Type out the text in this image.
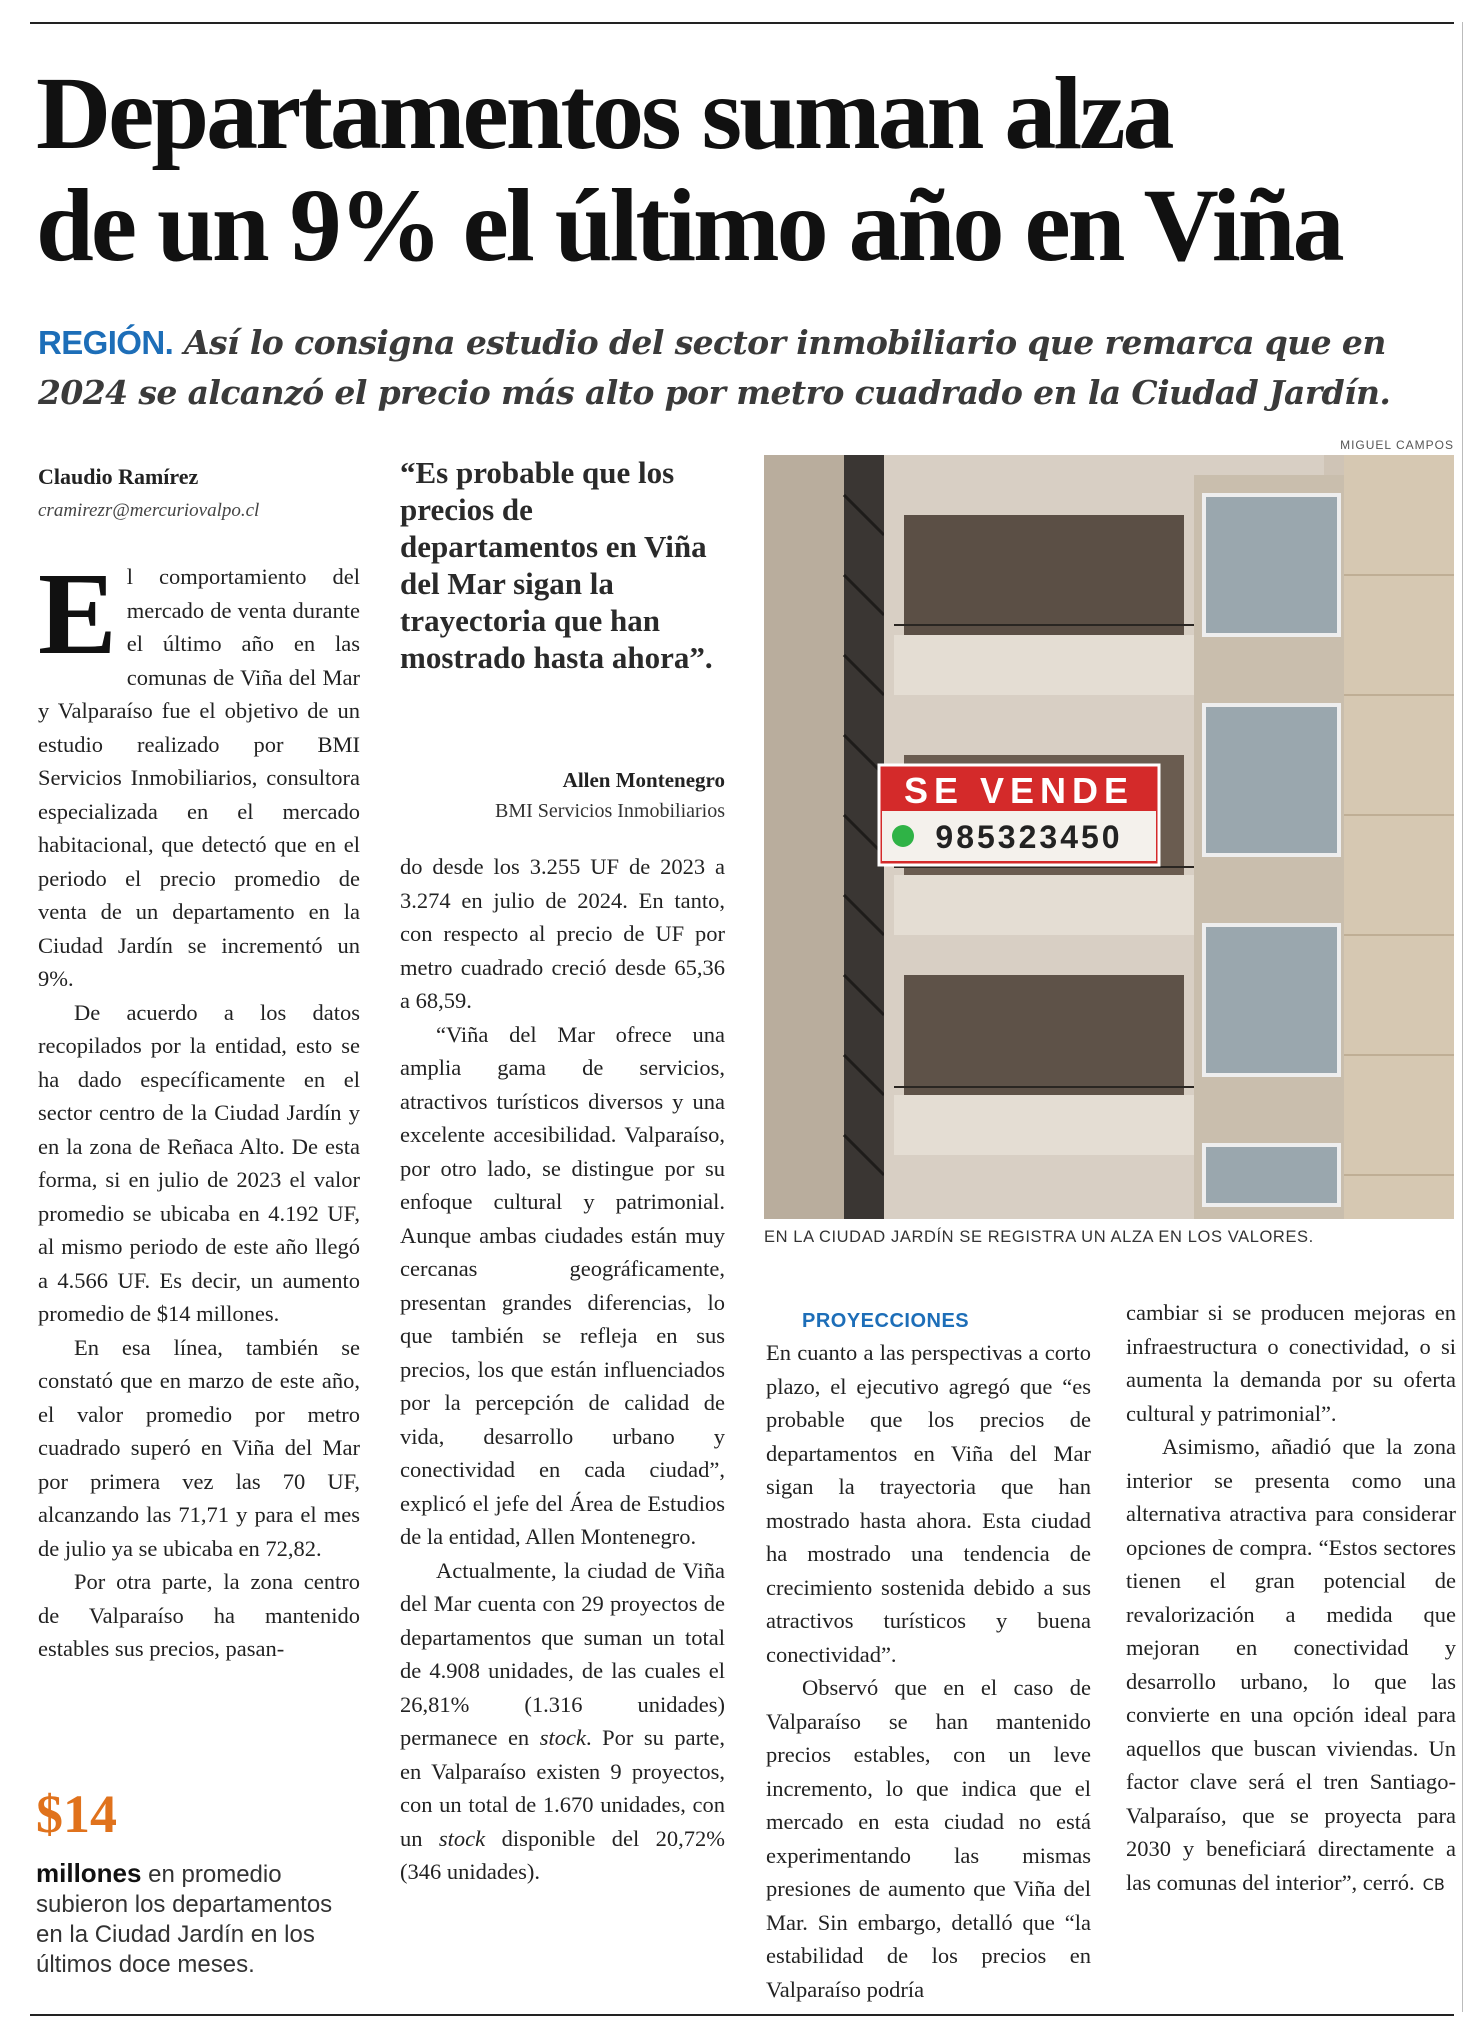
Departamentos suman alza
de un 9% el último año en Viña
REGIÓN. Así lo consigna estudio del sector inmobiliario que remarca que en 2024 se alcanzó el precio más alto por metro cuadrado en la Ciudad Jardín.
Claudio Ramírez
cramirezr@mercuriovalpo.cl

El comportamiento del mercado de venta durante el último año en las comunas de Viña del Mar y Valparaíso fue el objetivo de un estudio realizado por BMI Servicios Inmobiliarios, consultora especializada en el mercado habitacional, que detectó que en el periodo el precio promedio de venta de un departamento en la Ciudad Jardín se incrementó un 9%.

De acuerdo a los datos recopilados por la entidad, esto se ha dado específicamente en el sector centro de la Ciudad Jardín y en la zona de Reñaca Alto. De esta forma, si en julio de 2023 el valor promedio se ubicaba en 4.192 UF, al mismo periodo de este año llegó a 4.566 UF. Es decir, un aumento promedio de $14 millones.

En esa línea, también se constató que en marzo de este año, el valor promedio por metro cuadrado superó en Viña del Mar por primera vez las 70 UF, alcanzando las 71,71 y para el mes de julio ya se ubicaba en 72,82.

Por otra parte, la zona centro de Valparaíso ha mantenido estables sus precios, pasan-

$14
millones en promedio subieron los departamentos en la Ciudad Jardín en los últimos doce meses.
“Es probable que los precios de departamentos en Viña del Mar sigan la trayectoria que han mostrado hasta ahora”.
Allen Montenegro
BMI Servicios Inmobiliarios

do desde los 3.255 UF de 2023 a 3.274 en julio de 2024. En tanto, con respecto al precio de UF por metro cuadrado creció desde 65,36 a 68,59.

“Viña del Mar ofrece una amplia gama de servicios, atractivos turísticos diversos y una excelente accesibilidad. Valparaíso, por otro lado, se distingue por su enfoque cultural y patrimonial. Aunque ambas ciudades están muy cercanas geográficamente, presentan grandes diferencias, lo que también se refleja en sus precios, los que están influenciados por la percepción de calidad de vida, desarrollo urbano y conectividad en cada ciudad”, explicó el jefe del Área de Estudios de la entidad, Allen Montenegro.

Actualmente, la ciudad de Viña del Mar cuenta con 29 proyectos de departamentos que suman un total de 4.908 unidades, de las cuales el 26,81% (1.316 unidades) permanece en stock. Por su parte, en Valparaíso existen 9 proyectos, con un total de 1.670 unidades, con un stock disponible del 20,72% (346 unidades).

MIGUEL CAMPOS
SE VENDE
985323450
EN LA CIUDAD JARDÍN SE REGISTRA UN ALZA EN LOS VALORES.

PROYECCIONES

En cuanto a las perspectivas a corto plazo, el ejecutivo agregó que “es probable que los precios de departamentos en Viña del Mar sigan la trayectoria que han mostrado hasta ahora. Esta ciudad ha mostrado una tendencia de crecimiento sostenida debido a sus atractivos turísticos y buena conectividad”.

Observó que en el caso de Valparaíso se han mantenido precios estables, con un leve incremento, lo que indica que el mercado en esta ciudad no está experimentando las mismas presiones de aumento que Viña del Mar. Sin embargo, detalló que “la estabilidad de los precios en Valparaíso podría

cambiar si se producen mejoras en infraestructura o conectividad, o si aumenta la demanda por su oferta cultural y patrimonial”.

Asimismo, añadió que la zona interior se presenta como una alternativa atractiva para considerar opciones de compra. “Estos sectores tienen el gran potencial de revalorización a medida que mejoran en conectividad y desarrollo urbano, lo que las convierte en una opción ideal para aquellos que buscan viviendas. Un factor clave será el tren Santiago-Valparaíso, que se proyecta para 2030 y beneficiará directamente a las comunas del interior”, cerró. CB
